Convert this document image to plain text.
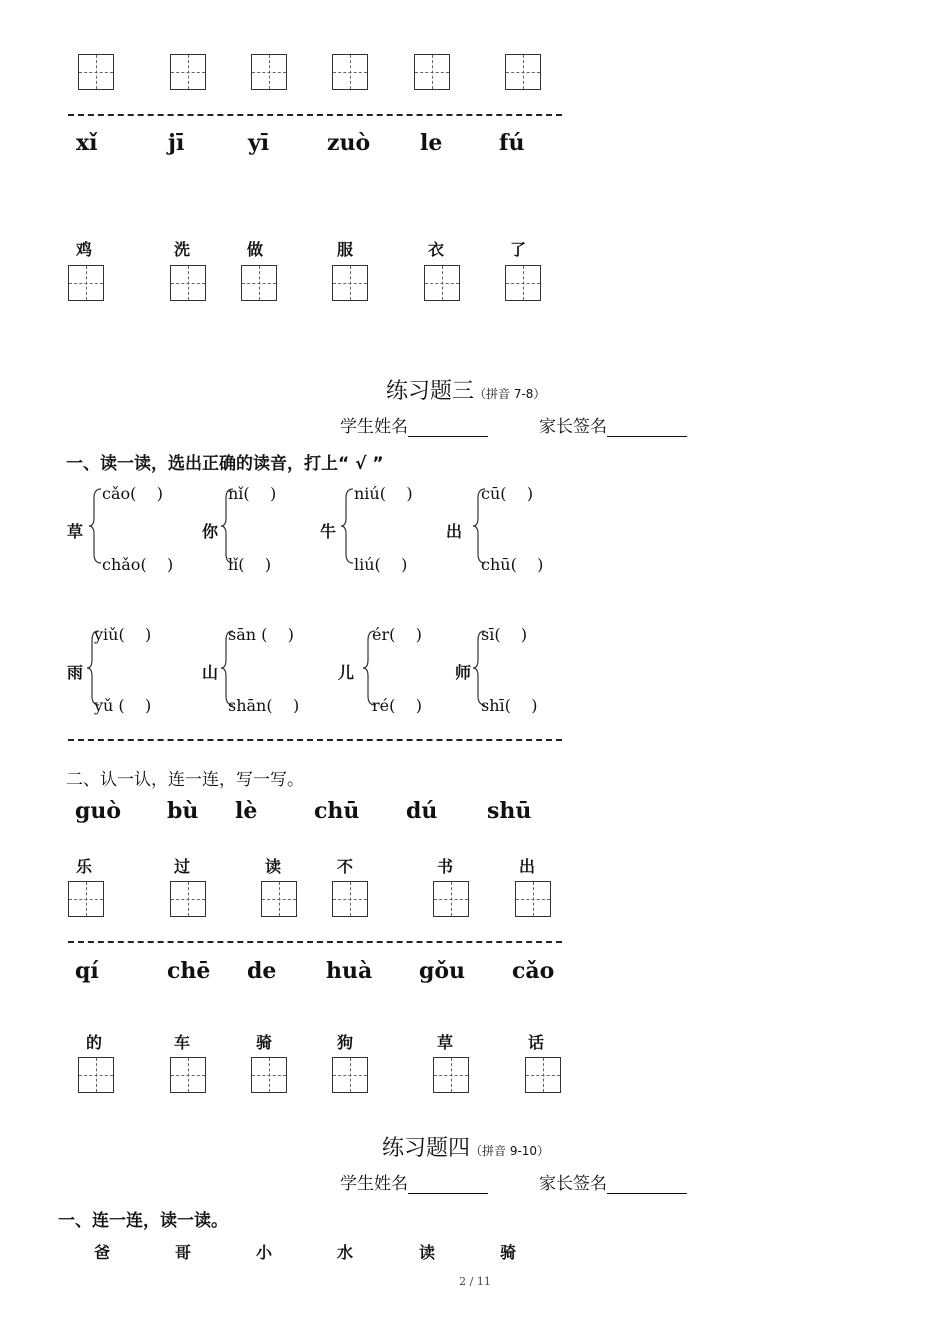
xǐ	jī	yī	zuò le	fú
鸡	洗	做	服	衣	了
练习题三（拼音 7-8）
学生姓名	家长签名
一、读一读，选出正确的读音，打上“ √ ”
草
cǎo(    )
chǎo(    )
你
nǐ(    )
lǐ(    )
牛
niú(    )
liú(    )
出
cū(    )
chū(    )
雨
yiǔ(    )
yǔ (    )
山
sān (    )
shān(    )
儿
ér(    )
ré(    )
师
sī(    )
shī(    )
二、认一认，连一连，写一写。
guò bù lè	chū dú shū
乐	过	读	不	书	出
qí	chē de huà gǒu cǎo
的	车	骑	狗	草	话
练习题四（拼音 9-10）
学生姓名	家长签名
一、连一连，读一读。
爸	哥	小	水	读	骑
2 / 11
